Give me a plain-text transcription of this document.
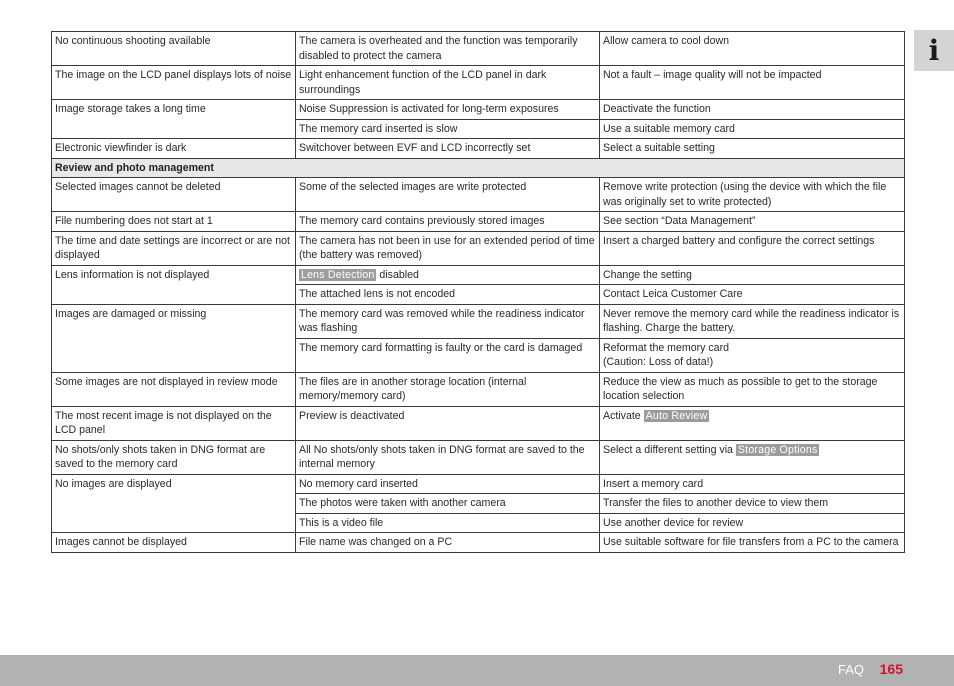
No continuous shooting available	The camera is overheated and the function was temporarily disabled to protect the camera	Allow camera to cool down
The image on the LCD panel displays lots of noise	Light enhancement function of the LCD panel in dark surroundings	Not a fault – image quality will not be impacted
Image storage takes a long time	Noise Suppression is activated for long-term exposures	Deactivate the function
	The memory card inserted is slow	Use a suitable memory card
Electronic viewfinder is dark	Switchover between EVF and LCD incorrectly set	Select a suitable setting
Review and photo management		
Selected images cannot be deleted	Some of the selected images are write protected	Remove write protection (using the device with which the file was originally set to write protected)
File numbering does not start at 1	The memory card contains previously stored images	See section “Data Management”
The time and date settings are incorrect or are not displayed	The camera has not been in use for an extended period of time (the battery was removed)	Insert a charged battery and configure the correct settings
Lens information is not displayed	Lens Detection disabled	Change the setting
	The attached lens is not encoded	Contact Leica Customer Care
Images are damaged or missing	The memory card was removed while the readiness indicator was flashing	Never remove the memory card while the readiness indicator is flashing. Charge the battery.
	The memory card formatting is faulty or the card is damaged	Reformat the memory card
(Caution: Loss of data!)
Some images are not displayed in review mode	The files are in another storage location (internal memory/memory card)	Reduce the view as much as possible to get to the storage location selection
The most recent image is not displayed on the LCD panel	Preview is deactivated	Activate Auto Review
No shots/only shots taken in DNG format are saved to the memory card	All No shots/only shots taken in DNG format are saved to the internal memory	Select a different setting via Storage Options
No images are displayed	No memory card inserted	Insert a memory card
	The photos were taken with another camera	Transfer the files to another device to view them
	This is a video file	Use another device for review
Images cannot be displayed	File name was changed on a PC	Use suitable software for file transfers from a PC to the camera
i
FAQ 165
